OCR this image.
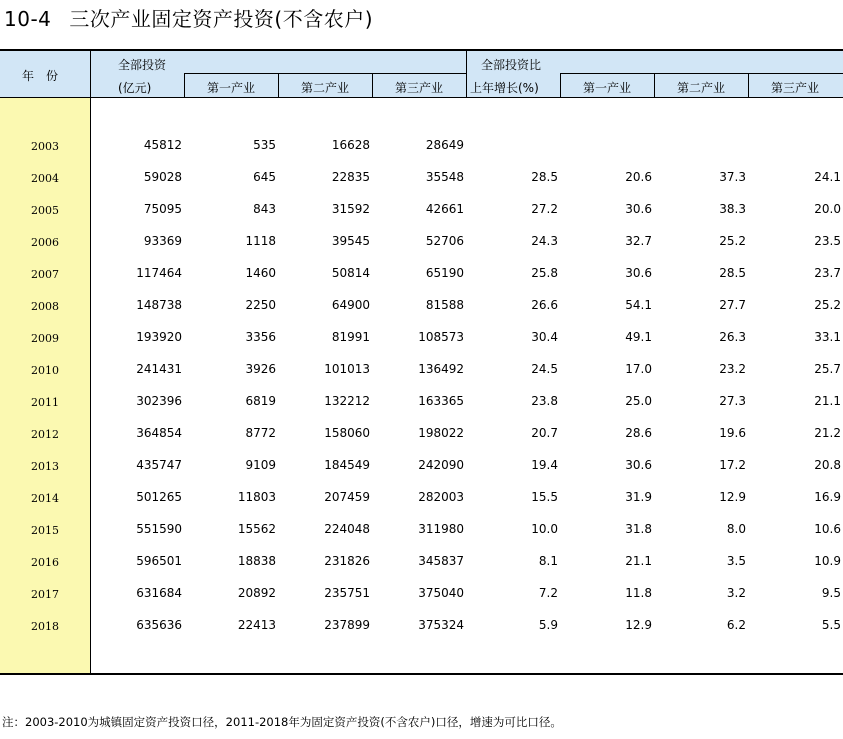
10-4 三次产业固定资产投资(不含农户)
年　份
全部投资
(亿元)	第一产业	第二产业	第三产业
全部投资比
上年增长(%)	第一产业	第二产业	第三产业
2003	45812	535	16628	28649
2004	59028	645	22835	35548	28.5	20.6	37.3	24.1
2005	75095	843	31592	42661	27.2	30.6	38.3	20.0
2006	93369	1118	39545	52706	24.3	32.7	25.2	23.5
2007	117464	1460	50814	65190	25.8	30.6	28.5	23.7
2008	148738	2250	64900	81588	26.6	54.1	27.7	25.2
2009	193920	3356	81991	108573	30.4	49.1	26.3	33.1
2010	241431	3926	101013	136492	24.5	17.0	23.2	25.7
2011	302396	6819	132212	163365	23.8	25.0	27.3	21.1
2012	364854	8772	158060	198022	20.7	28.6	19.6	21.2
2013	435747	9109	184549	242090	19.4	30.6	17.2	20.8
2014	501265	11803	207459	282003	15.5	31.9	12.9	16.9
2015	551590	15562	224048	311980	10.0	31.8	8.0	10.6
2016	596501	18838	231826	345837	8.1	21.1	3.5	10.9
2017	631684	20892	235751	375040	7.2	11.8	3.2	9.5
2018	635636	22413	237899	375324	5.9	12.9	6.2	5.5
注：2003-2010为城镇固定资产投资口径，2011-2018年为固定资产投资(不含农户)口径，增速为可比口径。
